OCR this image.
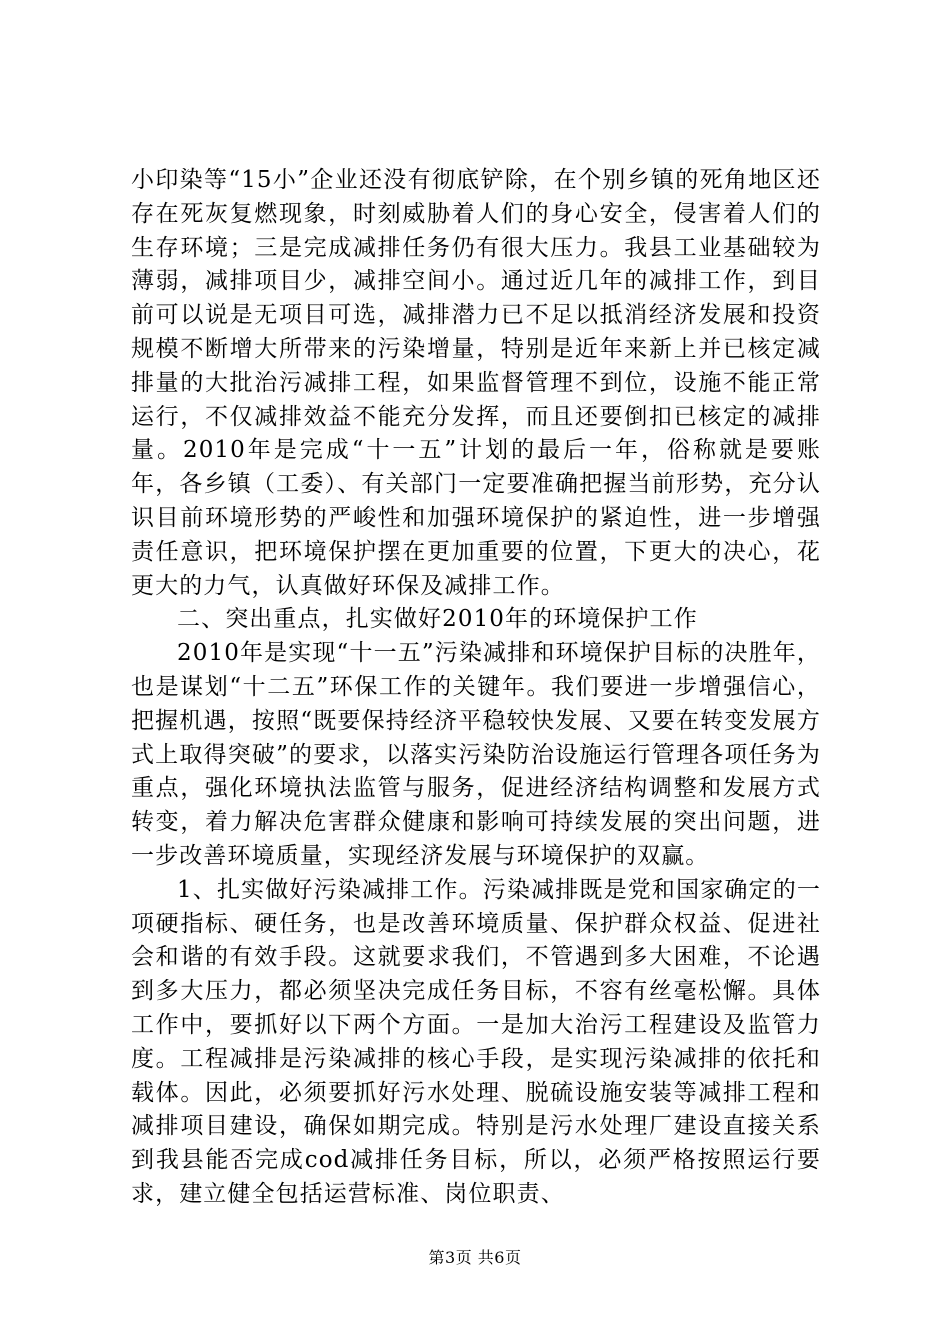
小印染等“15小”企业还没有彻底铲除，在个别乡镇的死角地区还存在死灰复燃现象，时刻威胁着人们的身心安全，侵害着人们的生存环境；三是完成减排任务仍有很大压力。我县工业基础较为薄弱，减排项目少，减排空间小。通过近几年的减排工作，到目前可以说是无项目可选，减排潜力已不足以抵消经济发展和投资规模不断增大所带来的污染增量，特别是近年来新上并已核定减排量的大批治污减排工程，如果监督管理不到位，设施不能正常运行，不仅减排效益不能充分发挥，而且还要倒扣已核定的减排量。2010年是完成“十一五”计划的最后一年，俗称就是要账年，各乡镇（工委）、有关部门一定要准确把握当前形势，充分认识目前环境形势的严峻性和加强环境保护的紧迫性，进一步增强责任意识，把环境保护摆在更加重要的位置，下更大的决心，花更大的力气，认真做好环保及减排工作。

二、突出重点，扎实做好2010年的环境保护工作

2010年是实现“十一五”污染减排和环境保护目标的决胜年，也是谋划“十二五”环保工作的关键年。我们要进一步增强信心，把握机遇，按照“既要保持经济平稳较快发展、又要在转变发展方式上取得突破”的要求，以落实污染防治设施运行管理各项任务为重点，强化环境执法监管与服务，促进经济结构调整和发展方式转变，着力解决危害群众健康和影响可持续发展的突出问题，进一步改善环境质量，实现经济发展与环境保护的双赢。

1、扎实做好污染减排工作。污染减排既是党和国家确定的一项硬指标、硬任务，也是改善环境质量、保护群众权益、促进社会和谐的有效手段。这就要求我们，不管遇到多大困难，不论遇到多大压力，都必须坚决完成任务目标，不容有丝毫松懈。具体工作中，要抓好以下两个方面。一是加大治污工程建设及监管力度。工程减排是污染减排的核心手段，是实现污染减排的依托和载体。因此，必须要抓好污水处理、脱硫设施安装等减排工程和减排项目建设，确保如期完成。特别是污水处理厂建设直接关系到我县能否完成cod减排任务目标，所以，必须严格按照运行要求，建立健全包括运营标准、岗位职责、

第3页 共6页
